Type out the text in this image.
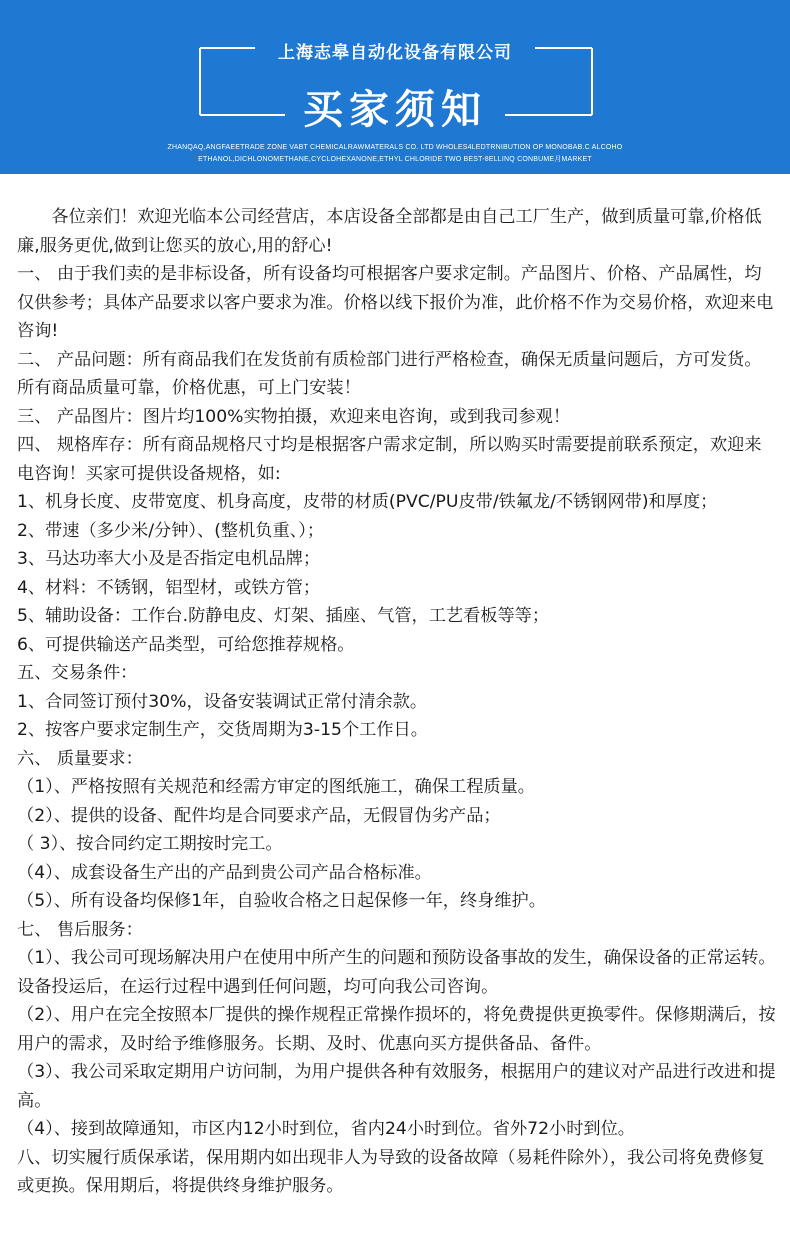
上海志皋自动化设备有限公司
买家须知
ZHANQAQ,ANGFAEETRADE ZONE VABT CHEMICALRAWMATERALS CO. LTD WHOLES4LEDTRNIBUTION OP MONOBAB.C ALCOHO
ETHANOL,DICHLONOMETHANE,CYCLOHEXANONE,ETHYL CHLORIDE TWO BEST-8ELLINQ CONBUME月MARKET

各位亲们！欢迎光临本公司经营店，本店设备全部都是由自己工厂生产，做到质量可靠,价格低廉,服务更优,做到让您买的放心,用的舒心!

一、 由于我们卖的是非标设备，所有设备均可根据客户要求定制。产品图片、价格、产品属性，均仅供参考；具体产品要求以客户要求为准。价格以线下报价为准，此价格不作为交易价格，欢迎来电咨询!

二、 产品问题：所有商品我们在发货前有质检部门进行严格检查，确保无质量问题后，方可发货。所有商品质量可靠，价格优惠，可上门安装！

三、 产品图片：图片均100%实物拍摄，欢迎来电咨询，或到我司参观！

四、 规格库存：所有商品规格尺寸均是根据客户需求定制，所以购买时需要提前联系预定，欢迎来电咨询！买家可提供设备规格，如:

1、机身长度、皮带宽度、机身高度，皮带的材质(PVC/PU皮带/铁氟龙/不锈钢网带)和厚度；

2、带速（多少米/分钟）、(整机负重、）；

3、马达功率大小及是否指定电机品牌；

4、材料：不锈钢，铝型材，或铁方管；

5、辅助设备：工作台.防静电皮、灯架、插座、气管，工艺看板等等；

6、可提供输送产品类型，可给您推荐规格。

五、交易条件：

1、合同签订预付30%，设备安装调试正常付清余款。

2、按客户要求定制生产，交货周期为3-15个工作日。

六、 质量要求：

（1）、严格按照有关规范和经需方审定的图纸施工，确保工程质量。

（2）、提供的设备、配件均是合同要求产品，无假冒伪劣产品；

（ 3）、按合同约定工期按时完工。

（4）、成套设备生产出的产品到贵公司产品合格标准。

（5）、所有设备均保修1年，自验收合格之日起保修一年，终身维护。

七、 售后服务：

（1）、我公司可现场解决用户在使用中所产生的问题和预防设备事故的发生，确保设备的正常运转。设备投运后，在运行过程中遇到任何问题，均可向我公司咨询。

（2）、用户在完全按照本厂提供的操作规程正常操作损坏的，将免费提供更换零件。保修期满后，按用户的需求，及时给予维修服务。长期、及时、优惠向买方提供备品、备件。

（3）、我公司采取定期用户访问制，为用户提供各种有效服务，根据用户的建议对产品进行改进和提高。

（4）、接到故障通知，市区内12小时到位，省内24小时到位。省外72小时到位。

八、切实履行质保承诺，保用期内如出现非人为导致的设备故障（易耗件除外），我公司将免费修复或更换。保用期后，将提供终身维护服务。
